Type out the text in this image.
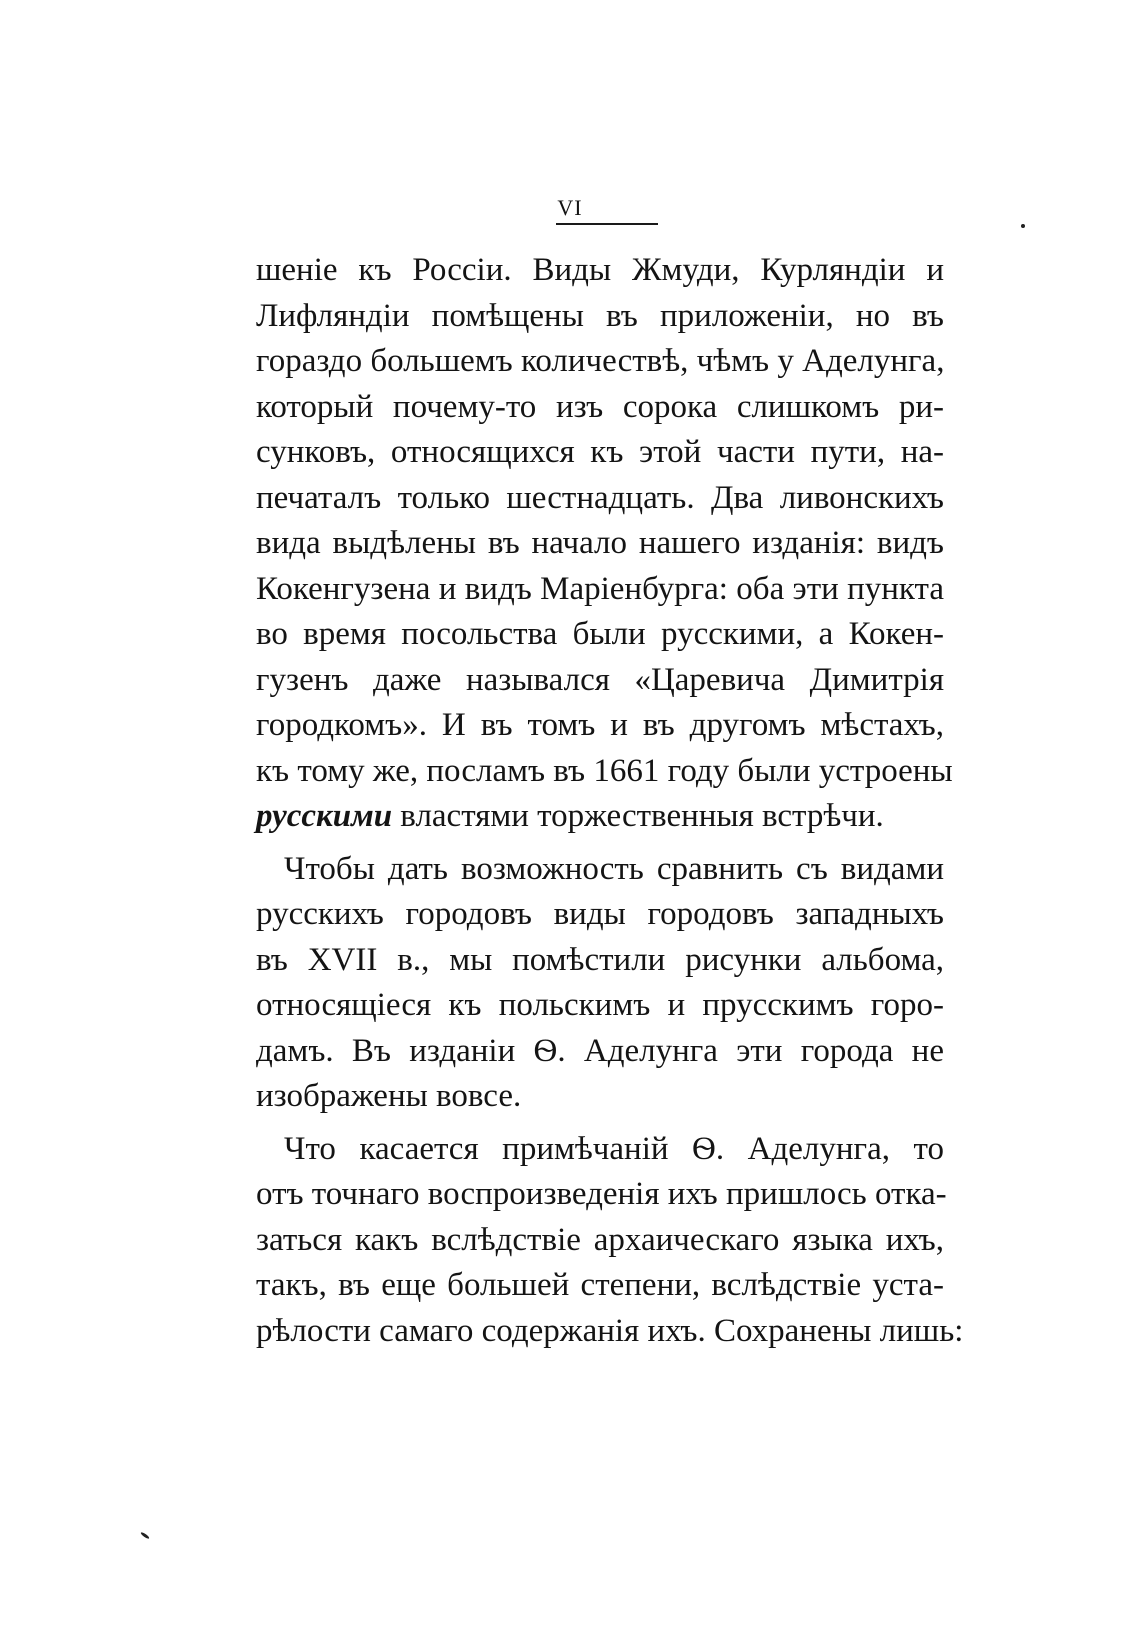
VI
шеніе къ Россіи. Виды Жмуди, Курляндіи и
Лифляндіи помѣщены въ приложеніи, но въ
гораздо большемъ количествѣ, чѣмъ у Аделунга,
который почему-то изъ сорока слишкомъ ри-
сунковъ, относящихся къ этой части пути, на-
печаталъ только шестнадцать. Два ливонскихъ
вида выдѣлены въ начало нашего изданія: видъ
Кокенгузена и видъ Маріенбурга: оба эти пункта
во время посольства были русскими, а Кокен-
гузенъ даже назывался «Царевича Димитрія
городкомъ». И въ томъ и въ другомъ мѣстахъ,
къ тому же, посламъ въ 1661 году были устроены
русскими властями торжественныя встрѣчи.
Чтобы дать возможность сравнить съ видами
русскихъ городовъ виды городовъ западныхъ
въ XVII в., мы помѣстили рисунки альбома,
относящіеся къ польскимъ и прусскимъ горо-
дамъ. Въ изданіи Ѳ. Аделунга эти города не
изображены вовсе.
Что касается примѣчаній Ѳ. Аделунга, то
отъ точнаго воспроизведенія ихъ пришлось отка-
заться какъ вслѣдствіе архаическаго языка ихъ,
такъ, въ еще большей степени, вслѣдствіе уста-
рѣлости самаго содержанія ихъ. Сохранены лишь:
